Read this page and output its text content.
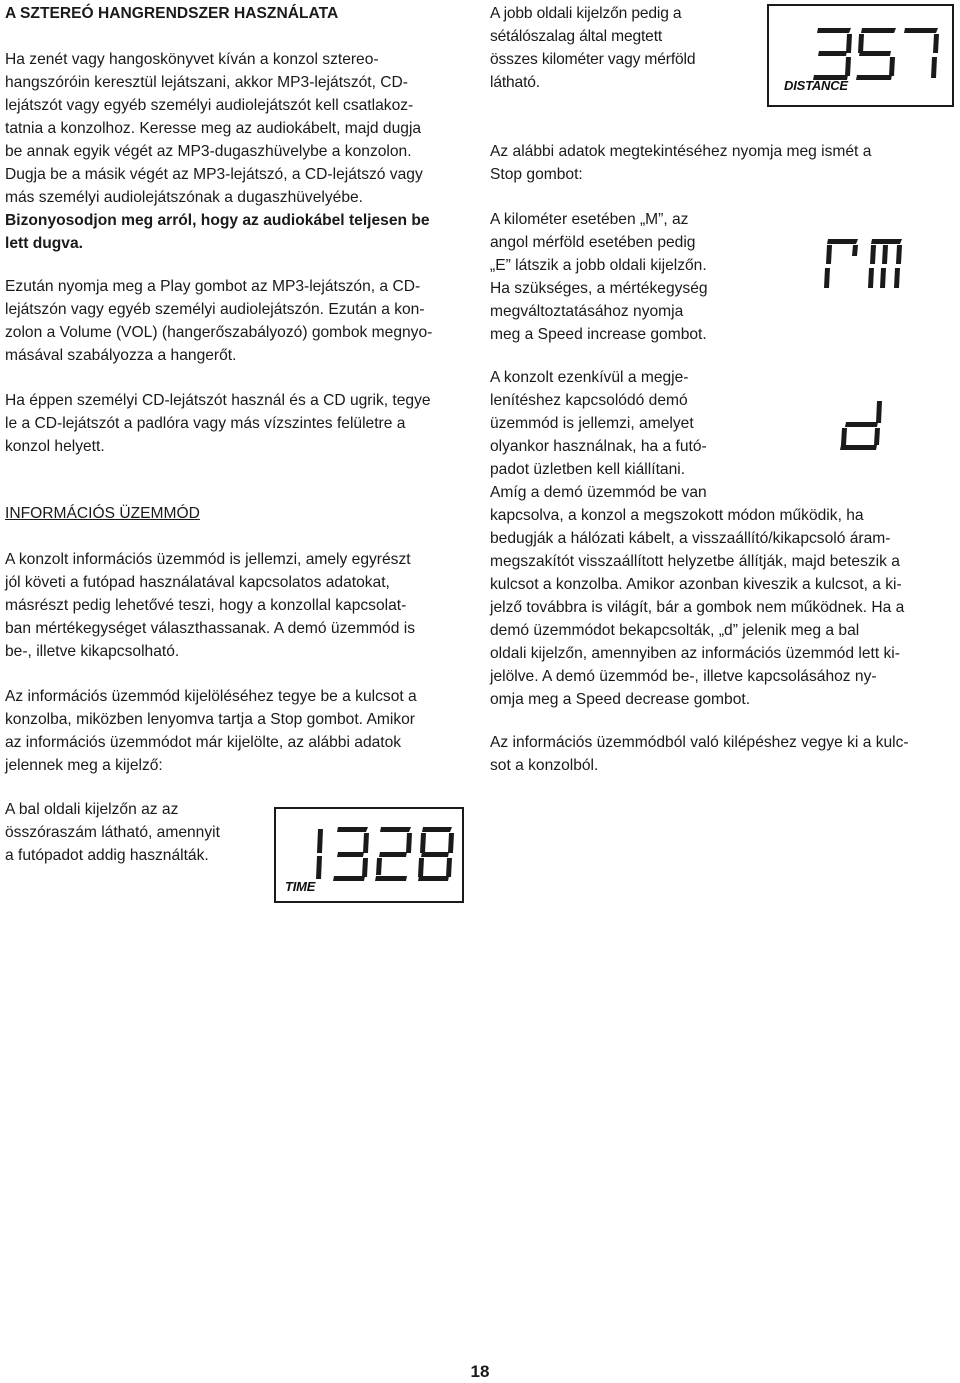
A SZTEREÓ HANGRENDSZER HASZNÁLATA

Ha zenét vagy hangoskönyvet kíván a konzol sztereo-

hangszóróin keresztül lejátszani, akkor MP3-lejátszót, CD-

lejátszót vagy egyéb személyi audiolejátszót kell csatlakoz-

tatnia a konzolhoz. Keresse meg az audiokábelt, majd dugja

be annak egyik végét az MP3-dugaszhüvelybe a konzolon.

Dugja be a másik végét az MP3-lejátszó, a CD-lejátszó vagy

más személyi audiolejátszónak a dugaszhüvelyébe.

Bizonyosodjon meg arról, hogy az audiokábel teljesen be

lett dugva.

Ezután nyomja meg a Play gombot az MP3-lejátszón, a CD-

lejátszón vagy egyéb személyi audiolejátszón. Ezután a kon-

zolon a Volume (VOL) (hangerőszabályozó) gombok megnyo-

másával szabályozza a hangerőt.

Ha éppen személyi CD-lejátszót használ és a CD ugrik, tegye

le a CD-lejátszót a padlóra vagy más vízszintes felületre a

konzol helyett.

INFORMÁCIÓS ÜZEMMÓD

A konzolt információs üzemmód is jellemzi, amely egyrészt

jól követi a futópad használatával kapcsolatos adatokat,

másrészt pedig lehetővé teszi, hogy a konzollal kapcsolat-

ban mértékegységet választhassanak. A demó üzemmód is

be-, illetve kikapcsolható.

Az információs üzemmód kijelöléséhez tegye be a kulcsot a

konzolba, miközben lenyomva tartja a Stop gombot. Amikor

az információs üzemmódot már kijelölte, az alábbi adatok

jelennek meg a kijelző:

A bal oldali kijelzőn az az

összóraszám látható, amennyit

a futópadot addig használták.

TIME

A jobb oldali kijelzőn pedig a

sétálószalag által megtett

összes kilométer vagy mérföld

látható.	DISTANCE

Az alábbi adatok megtekintéséhez nyomja meg ismét a

Stop gombot:

A kilométer esetében „M”, az

angol mérföld esetében pedig

„E” látszik a jobb oldali kijelzőn.

Ha szükséges, a mértékegység

megváltoztatásához nyomja

meg a Speed increase gombot.

A konzolt ezenkívül a megje-

lenítéshez kapcsolódó demó

üzemmód is jellemzi, amelyet

olyankor használnak, ha a futó-

padot üzletben kell kiállítani.

Amíg a demó üzemmód be van

kapcsolva, a konzol a megszokott módon működik, ha

bedugják a hálózati kábelt, a visszaállító/kikapcsoló áram-

megszakítót visszaállított helyzetbe állítják, majd beteszik a

kulcsot a konzolba. Amikor azonban kiveszik a kulcsot, a ki-

jelző továbbra is világít, bár a gombok nem működnek. Ha a

demó üzemmódot bekapcsolták, „d” jelenik meg a bal

oldali kijelzőn, amennyiben az információs üzemmód lett ki-

jelölve. A demó üzemmód be-, illetve kapcsolásához ny-

omja meg a Speed decrease gombot.

Az információs üzemmódból való kilépéshez vegye ki a kulc-

sot a konzolból.

18
